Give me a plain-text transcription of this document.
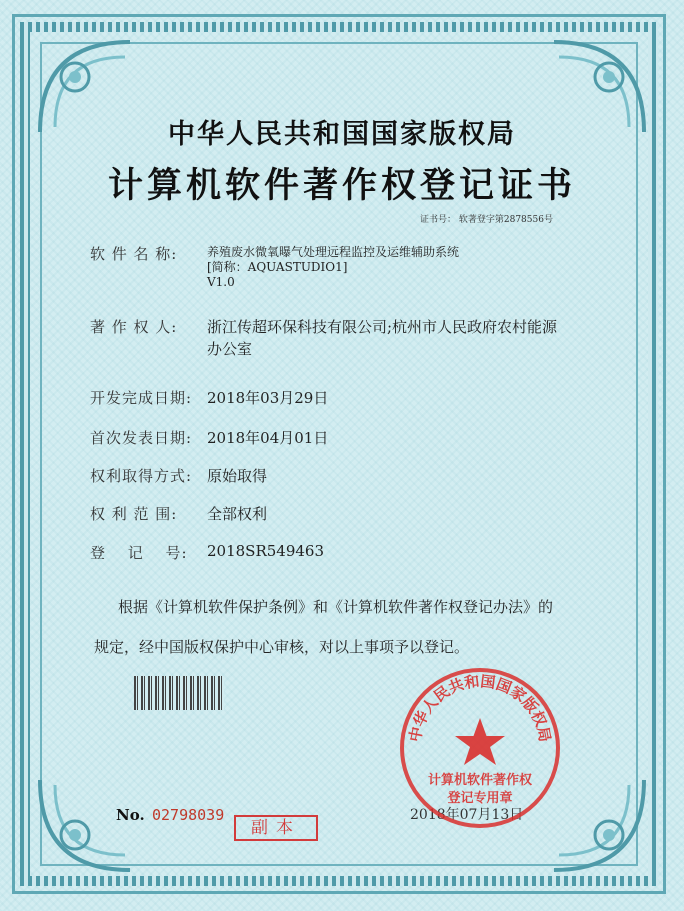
中华人民共和国国家版权局
计算机软件著作权登记证书
证书号： 软著登字第2878556号
软 件 名 称: 养殖废水微氧曝气处理远程监控及运维辅助系统
[简称：AQUASTUDIO1]
V1.0
著 作 权 人: 浙江传超环保科技有限公司;杭州市人民政府农村能源
办公室
开发完成日期: 2018年03月29日
首次发表日期: 2018年04月01日
权利取得方式: 原始取得
权 利 范 围: 全部权利
登　 记　 号: 2018SR549463
根据《计算机软件保护条例》和《计算机软件著作权登记办法》的
规定，经中国版权保护中心审核，对以上事项予以登记。
No. 02798039
副本
2018年07月13日
中华人民共和国国家版权局
计算机软件著作权
登记专用章
